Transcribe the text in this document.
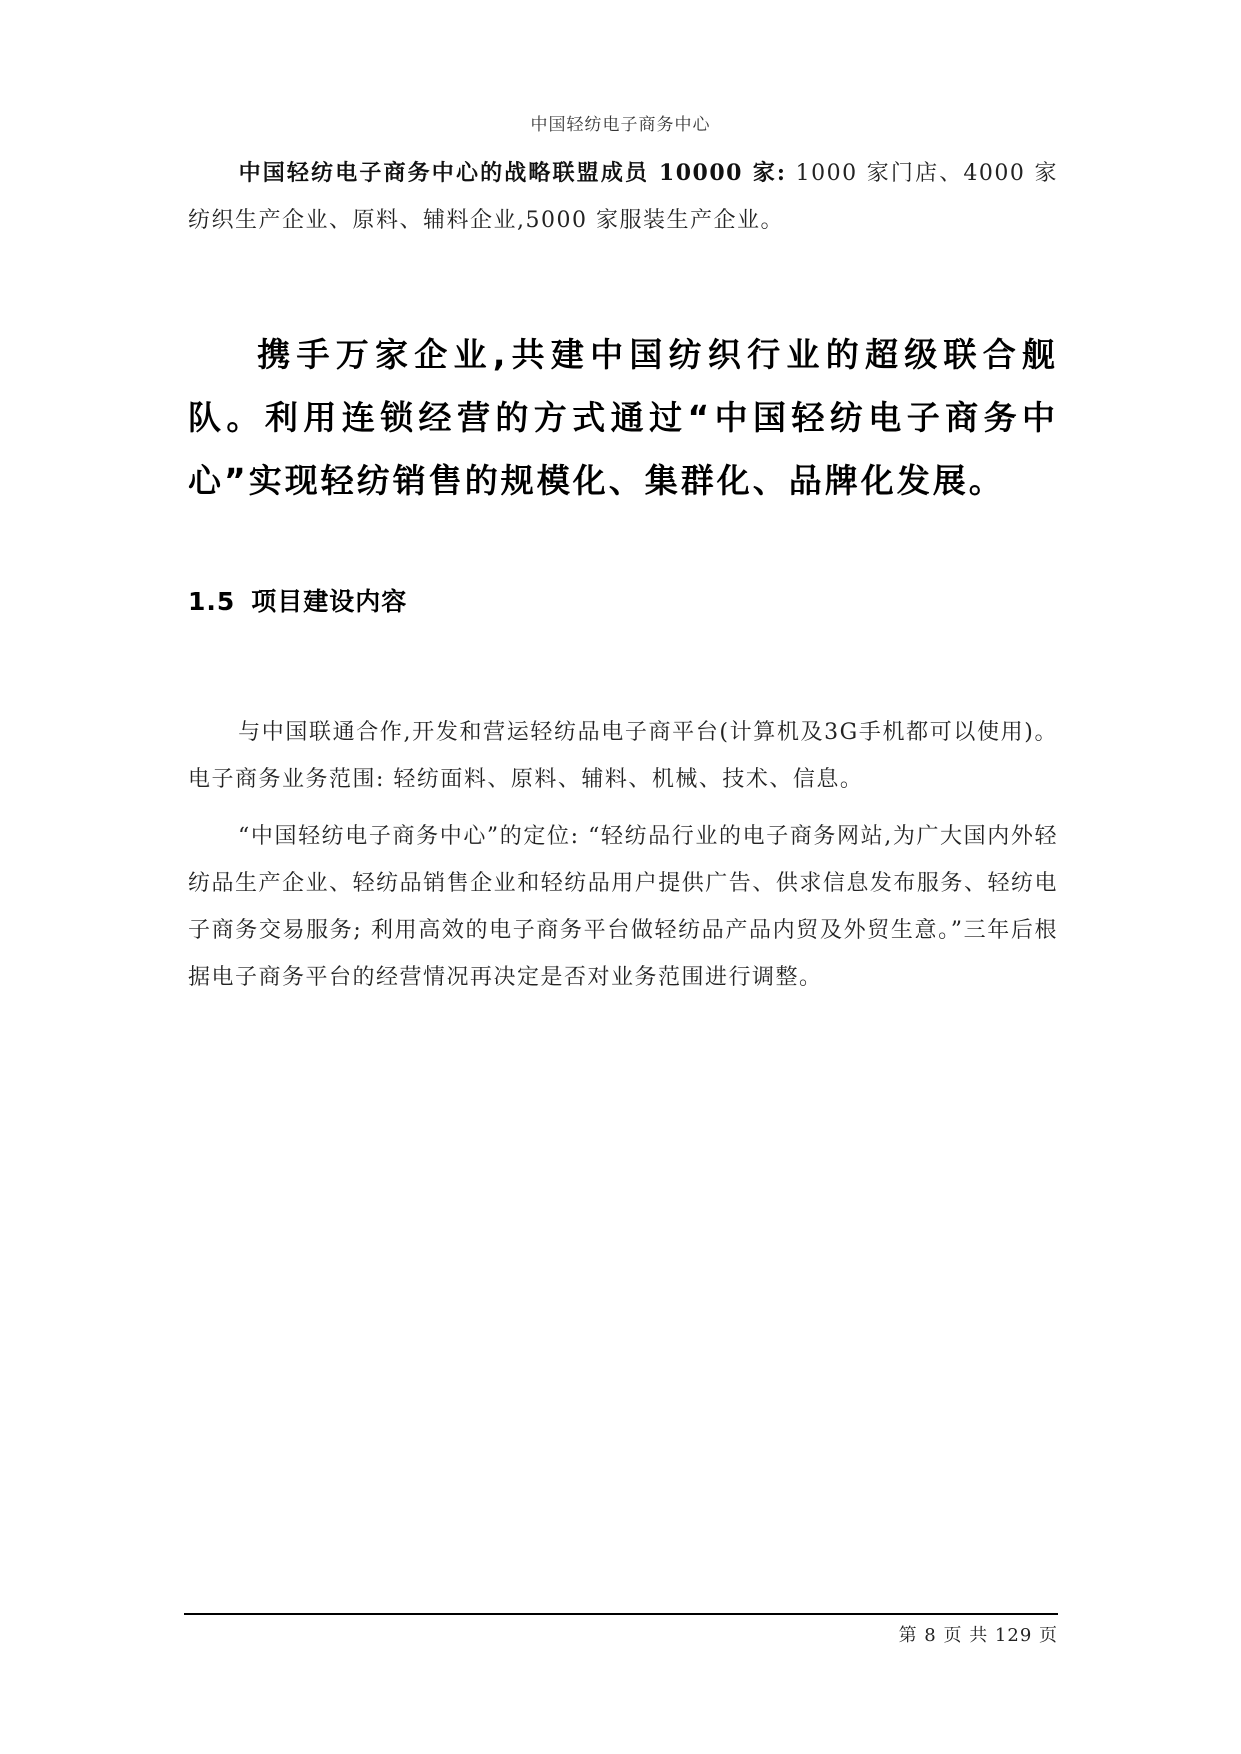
中国轻纺电子商务中心

中国轻纺电子商务中心的战略联盟成员 10000 家: 1000 家门店、4000 家纺织生产企业、原料、辅料企业,5000 家服装生产企业。

携手万家企业,共建中国纺织行业的超级联合舰队。利用连锁经营的方式通过“中国轻纺电子商务中心”实现轻纺销售的规模化、集群化、品牌化发展。

1.5 项目建设内容

与中国联通合作,开发和营运轻纺品电子商平台(计算机及3G手机都可以使用)。电子商务业务范围: 轻纺面料、原料、辅料、机械、技术、信息。

“中国轻纺电子商务中心”的定位: “轻纺品行业的电子商务网站,为广大国内外轻纺品生产企业、轻纺品销售企业和轻纺品用户提供广告、供求信息发布服务、轻纺电子商务交易服务; 利用高效的电子商务平台做轻纺品产品内贸及外贸生意。”三年后根据电子商务平台的经营情况再决定是否对业务范围进行调整。

第 8 页 共 129 页
